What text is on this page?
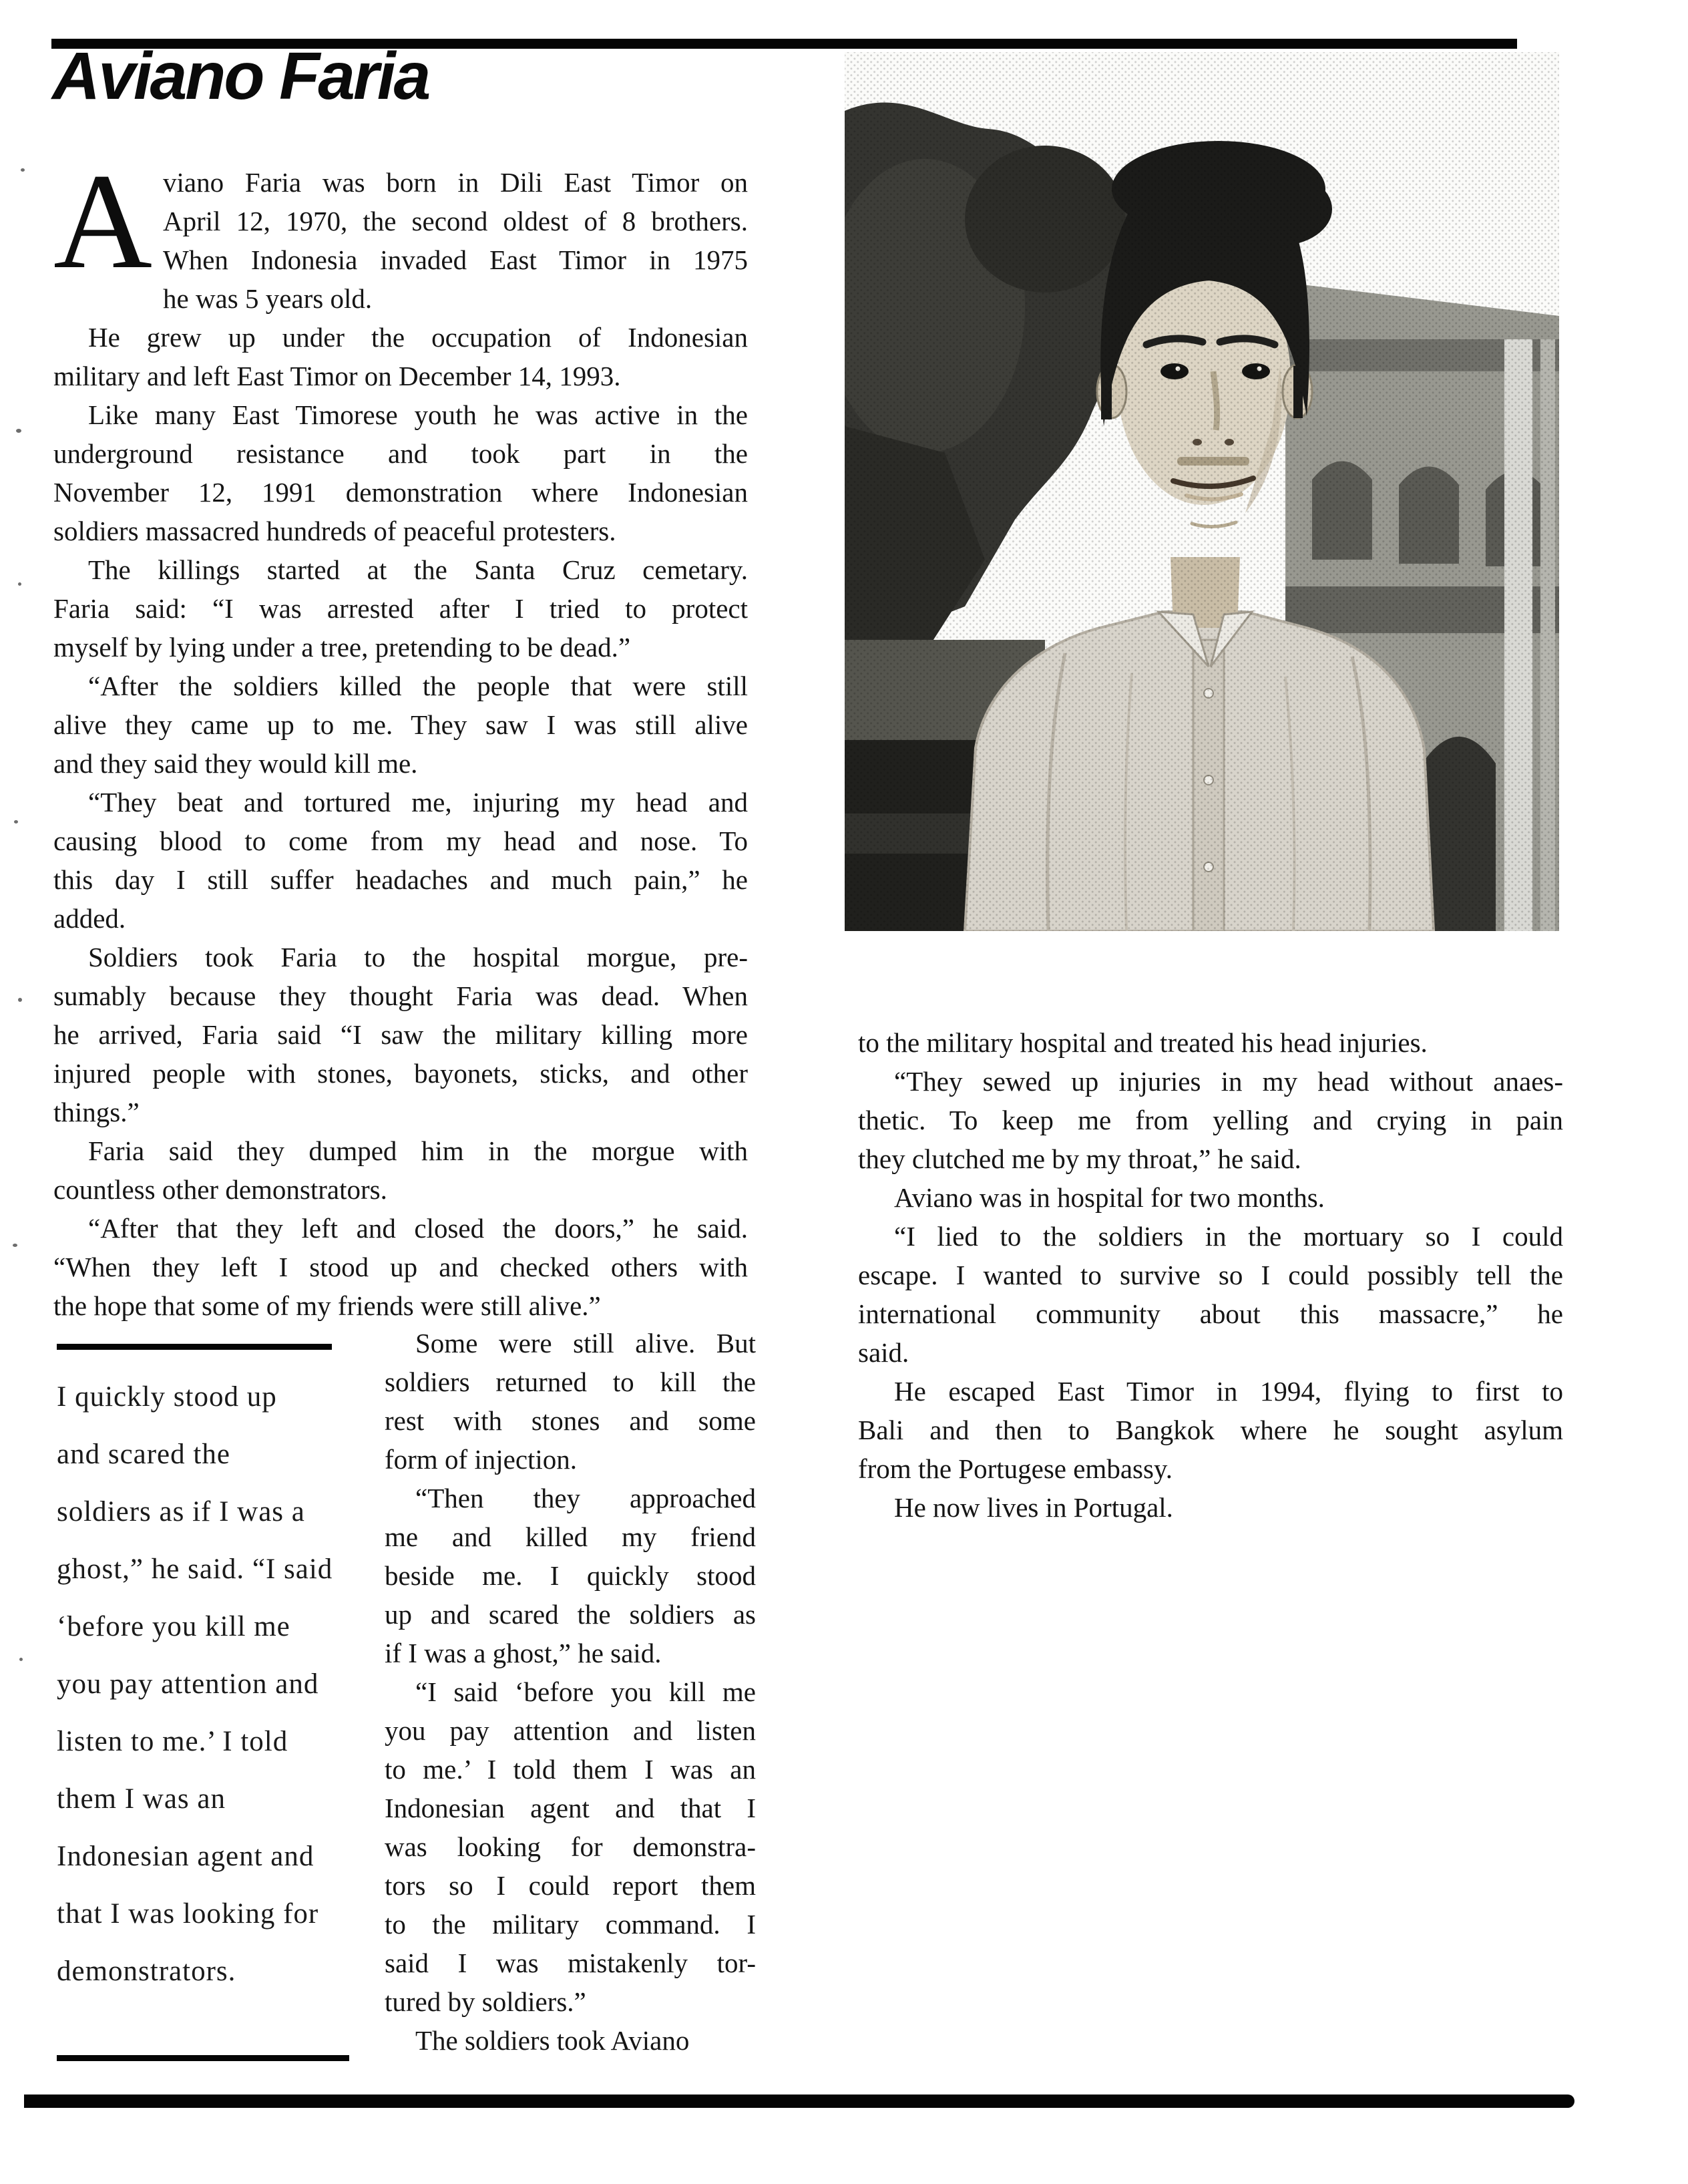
Aviano Faria
A viano Faria was born in Dili East Timor on
April 12, 1970, the second oldest of 8 brothers.
When Indonesia invaded East Timor in 1975
he was 5 years old.
He grew up under the occupation of Indonesian
military and left East Timor on December 14, 1993.
Like many East Timorese youth he was active in the
underground resistance and took part in the
November 12, 1991 demonstration where Indonesian
soldiers massacred hundreds of peaceful protesters.
The killings started at the Santa Cruz cemetary.
Faria said: “I was arrested after I tried to protect
myself by lying under a tree, pretending to be dead.”
“After the soldiers killed the people that were still
alive they came up to me. They saw I was still alive
and they said they would kill me.
“They beat and tortured me, injuring my head and
causing blood to come from my head and nose. To
this day I still suffer headaches and much pain,” he
added.
Soldiers took Faria to the hospital morgue, pre-
sumably because they thought Faria was dead. When
he arrived, Faria said “I saw the military killing more
injured people with stones, bayonets, sticks, and other
things.”
Faria said they dumped him in the morgue with
countless other demonstrators.
“After that they left and closed the doors,” he said.
“When they left I stood up and checked others with
the hope that some of my friends were still alive.”
I quickly stood up
and scared the
soldiers as if I was a
ghost,” he said. “I said
‘before you kill me
you pay attention and
listen to me.’ I told
them I was an
Indonesian agent and
that I was looking for
demonstrators.
Some were still alive. But
soldiers returned to kill the
rest with stones and some
form of injection.
“Then they approached
me and killed my friend
beside me. I quickly stood
up and scared the soldiers as
if I was a ghost,” he said.
“I said ‘before you kill me
you pay attention and listen
to me.’ I told them I was an
Indonesian agent and that I
was looking for demonstra-
tors so I could report them
to the military command. I
said I was mistakenly tor-
tured by soldiers.”
The soldiers took Aviano
to the military hospital and treated his head injuries.
“They sewed up injuries in my head without anaes-
thetic. To keep me from yelling and crying in pain
they clutched me by my throat,” he said.
Aviano was in hospital for two months.
“I lied to the soldiers in the mortuary so I could
escape. I wanted to survive so I could possibly tell the
international community about this massacre,” he
said.
He escaped East Timor in 1994, flying to first to
Bali and then to Bangkok where he sought asylum
from the Portugese embassy.
He now lives in Portugal.
